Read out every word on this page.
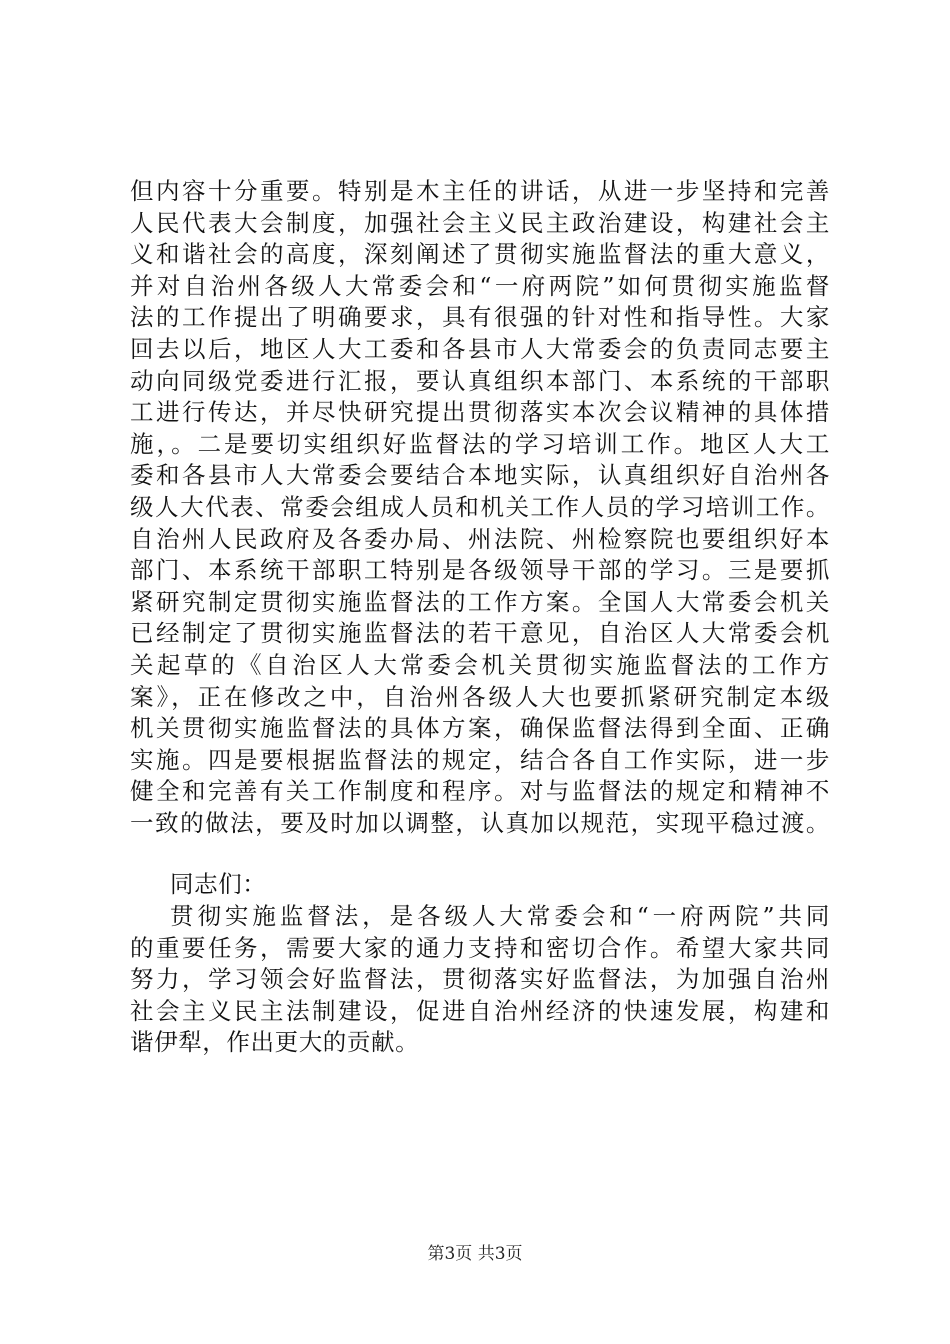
但内容十分重要。特别是木主任的讲话，从进一步坚持和完善
人民代表大会制度，加强社会主义民主政治建设，构建社会主
义和谐社会的高度，深刻阐述了贯彻实施监督法的重大意义，
并对自治州各级人大常委会和“一府两院”如何贯彻实施监督
法的工作提出了明确要求，具有很强的针对性和指导性。大家
回去以后，地区人大工委和各县市人大常委会的负责同志要主
动向同级党委进行汇报，要认真组织本部门、本系统的干部职
工进行传达，并尽快研究提出贯彻落实本次会议精神的具体措
施，。二是要切实组织好监督法的学习培训工作。地区人大工
委和各县市人大常委会要结合本地实际，认真组织好自治州各
级人大代表、常委会组成人员和机关工作人员的学习培训工作。
自治州人民政府及各委办局、州法院、州检察院也要组织好本
部门、本系统干部职工特别是各级领导干部的学习。三是要抓
紧研究制定贯彻实施监督法的工作方案。全国人大常委会机关
已经制定了贯彻实施监督法的若干意见，自治区人大常委会机
关起草的《自治区人大常委会机关贯彻实施监督法的工作方
案》，正在修改之中，自治州各级人大也要抓紧研究制定本级
机关贯彻实施监督法的具体方案，确保监督法得到全面、正确
实施。四是要根据监督法的规定，结合各自工作实际，进一步
健全和完善有关工作制度和程序。对与监督法的规定和精神不
一致的做法，要及时加以调整，认真加以规范，实现平稳过渡。
同志们：
贯彻实施监督法，是各级人大常委会和“一府两院”共同
的重要任务，需要大家的通力支持和密切合作。希望大家共同
努力，学习领会好监督法，贯彻落实好监督法，为加强自治州
社会主义民主法制建设，促进自治州经济的快速发展，构建和
谐伊犁，作出更大的贡献。
第3页 共3页
